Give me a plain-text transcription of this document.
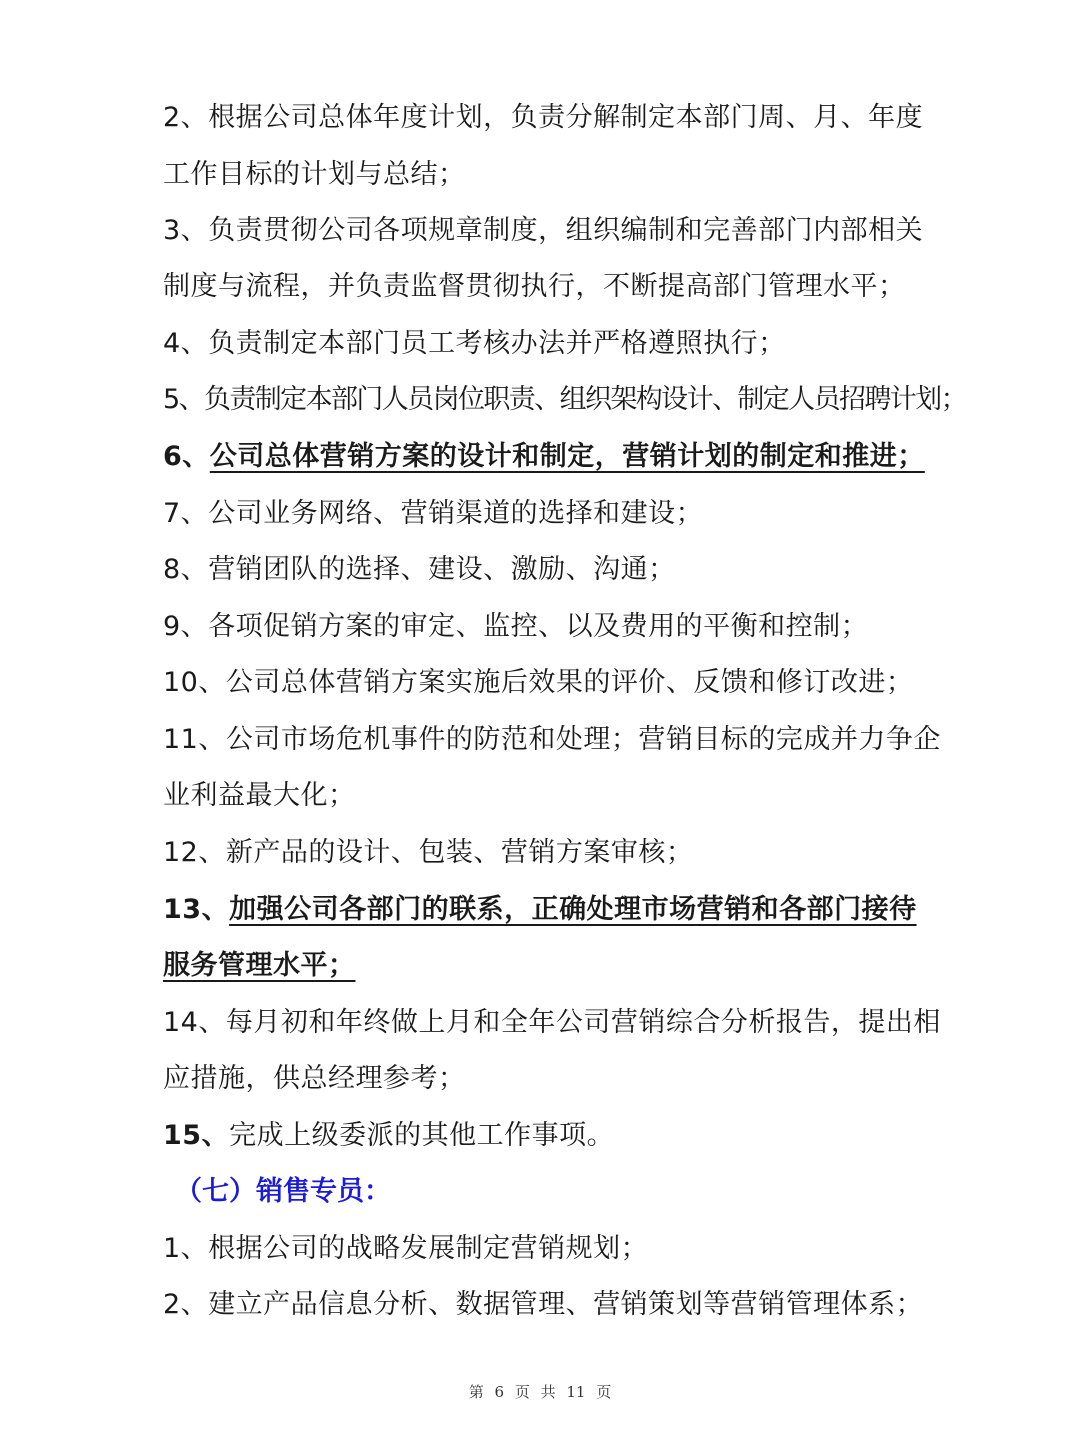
2、根据公司总体年度计划，负责分解制定本部门周、月、年度
工作目标的计划与总结；
3、负责贯彻公司各项规章制度，组织编制和完善部门内部相关
制度与流程，并负责监督贯彻执行，不断提高部门管理水平；
4、负责制定本部门员工考核办法并严格遵照执行；
5、负责制定本部门人员岗位职责、组织架构设计、制定人员招聘计划；
6、公司总体营销方案的设计和制定，营销计划的制定和推进；
7、公司业务网络、营销渠道的选择和建设；
8、营销团队的选择、建设、激励、沟通；
9、各项促销方案的审定、监控、以及费用的平衡和控制；
10、公司总体营销方案实施后效果的评价、反馈和修订改进；
11、公司市场危机事件的防范和处理；营销目标的完成并力争企
业利益最大化；
12、新产品的设计、包装、营销方案审核；
13、加强公司各部门的联系，正确处理市场营销和各部门接待
服务管理水平；
14、每月初和年终做上月和全年公司营销综合分析报告，提出相
应措施，供总经理参考；
15、完成上级委派的其他工作事项。
（七）销售专员：
1、根据公司的战略发展制定营销规划；
2、建立产品信息分析、数据管理、营销策划等营销管理体系；
第 6 页 共 11 页
